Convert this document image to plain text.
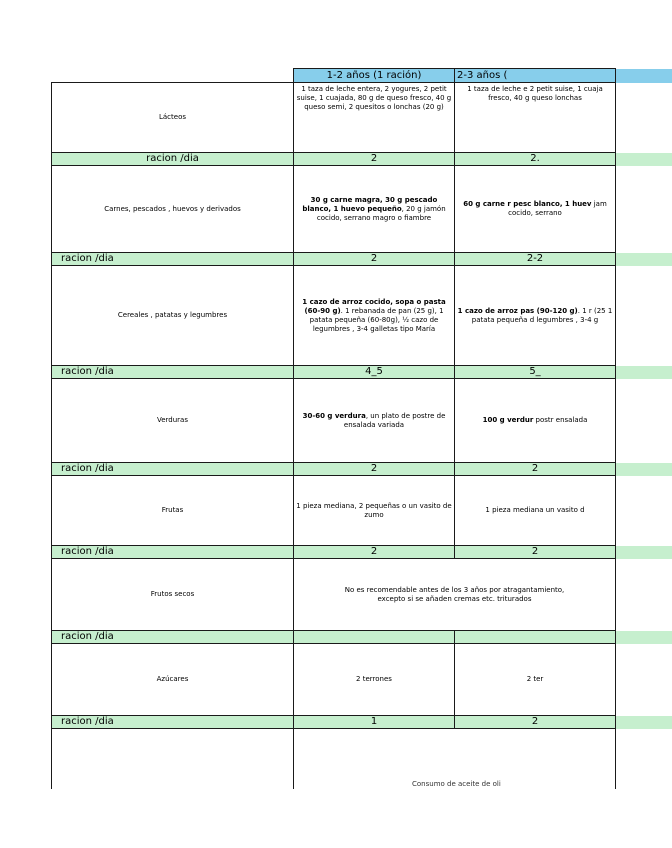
	1-2 años (1 ración)	2-3 años (	
Lácteos	1 taza de leche entera, 2 yogures, 2 petit suise, 1 cuajada, 80 g de queso fresco, 40 g queso semi, 2 quesitos o lonchas (20 g)	1 taza de leche e 2 petit suise, 1 cuaja fresco, 40 g queso lonchas	
racion /dia	2	2.	
Carnes, pescados , huevos y derivados	30 g carne magra, 30 g pescado blanco, 1 huevo pequeño, 20 g jamón cocido, serrano magro o fiambre	60 g carne r pesc blanco, 1 huev jam cocido, serrano	
racion /dia	2	2-2	
Cereales , patatas y legumbres	1 cazo de arroz cocido, sopa o pasta (60-90 g). 1 rebanada de pan (25 g), 1 patata pequeña (60-80g), ½ cazo de legumbres , 3-4 galletas tipo María	1 cazo de arroz pas (90-120 g). 1 r (25 1 patata pequeña d legumbres , 3-4 g	
racion /dia	4_5	5_	
Verduras	30-60 g verdura, un plato de postre de ensalada variada	100 g verdur postr ensalada	
racion /dia	2	2	
Frutas	1 pieza mediana, 2 pequeñas o un vasito de zumo	1 pieza mediana un vasito d	
racion /dia	2	2	
Frutos secos	No es recomendable antes de los 3 años por atragantamiento, excepto si se añaden cremas etc. triturados		
racion /dia			
Azúcares	2 terrones	2 ter	
racion /dia	1	2	

Consumo de aceite de oli
